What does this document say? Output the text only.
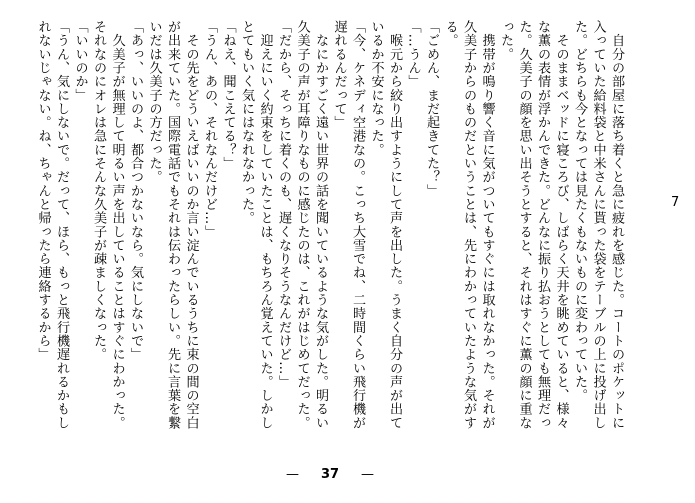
7
　自分の部屋に落ち着くと急に疲れを感じた。コートのポケットに
入っていた給料袋と中米さんに貰った袋をテーブルの上に投げ出し
た。どちらも今となっては見たくもないものに変わっていた。
　そのままベッドに寝ころび、しばらく天井を眺めていると、様々
な薫の表情が浮かんできた。どんなに振り払おうとしても無理だっ
た。久美子の顔を思い出そうとすると、それはすぐに薫の顔に重な
った。
　携帯が鳴り響く音に気がついてもすぐには取れなかった。それが
久美子からのものだということは、先にわかっていたような気がす
る。
「ごめん、まだ起きてた？」
「…うん」
　喉元から絞り出すようにして声を出した。うまく自分の声が出て
いるか不安になった。
「今、ケネディ空港なの。こっち大雪でね、二時間くらい飛行機が
遅れるんだって」
　なにかすごく遠い世界の話を聞いているような気がした。明るい
久美子の声が耳障りなものに感じたのは、これがはじめてだった。
「だから、そっちに着くのも、遅くなりそうなんだけど…」
　迎えにいく約束をしていたことは、もちろん覚えていた。しかし
とてもいく気にはなれなかった。
「ねえ、聞こえてる？」
「うん、あの、それなんだけど…」
　その先をどういえばいいのか言い淀んでいるうちに束の間の空白
が出来ていた。国際電話でもそれは伝わったらしい。先に言葉を繋
いだは久美子の方だった。
「あっ、いいのよ、都合つかないなら。気にしないで」
　久美子が無理して明るい声を出していることはすぐにわかった。
それなのにオレは急にそんな久美子が疎ましくなった。
「いいのか」
「うん、気にしないで。だって、ほら、もっと飛行機遅れるかもし
れないじゃない。ね、ちゃんと帰ったら連絡するから」
— 37 —
